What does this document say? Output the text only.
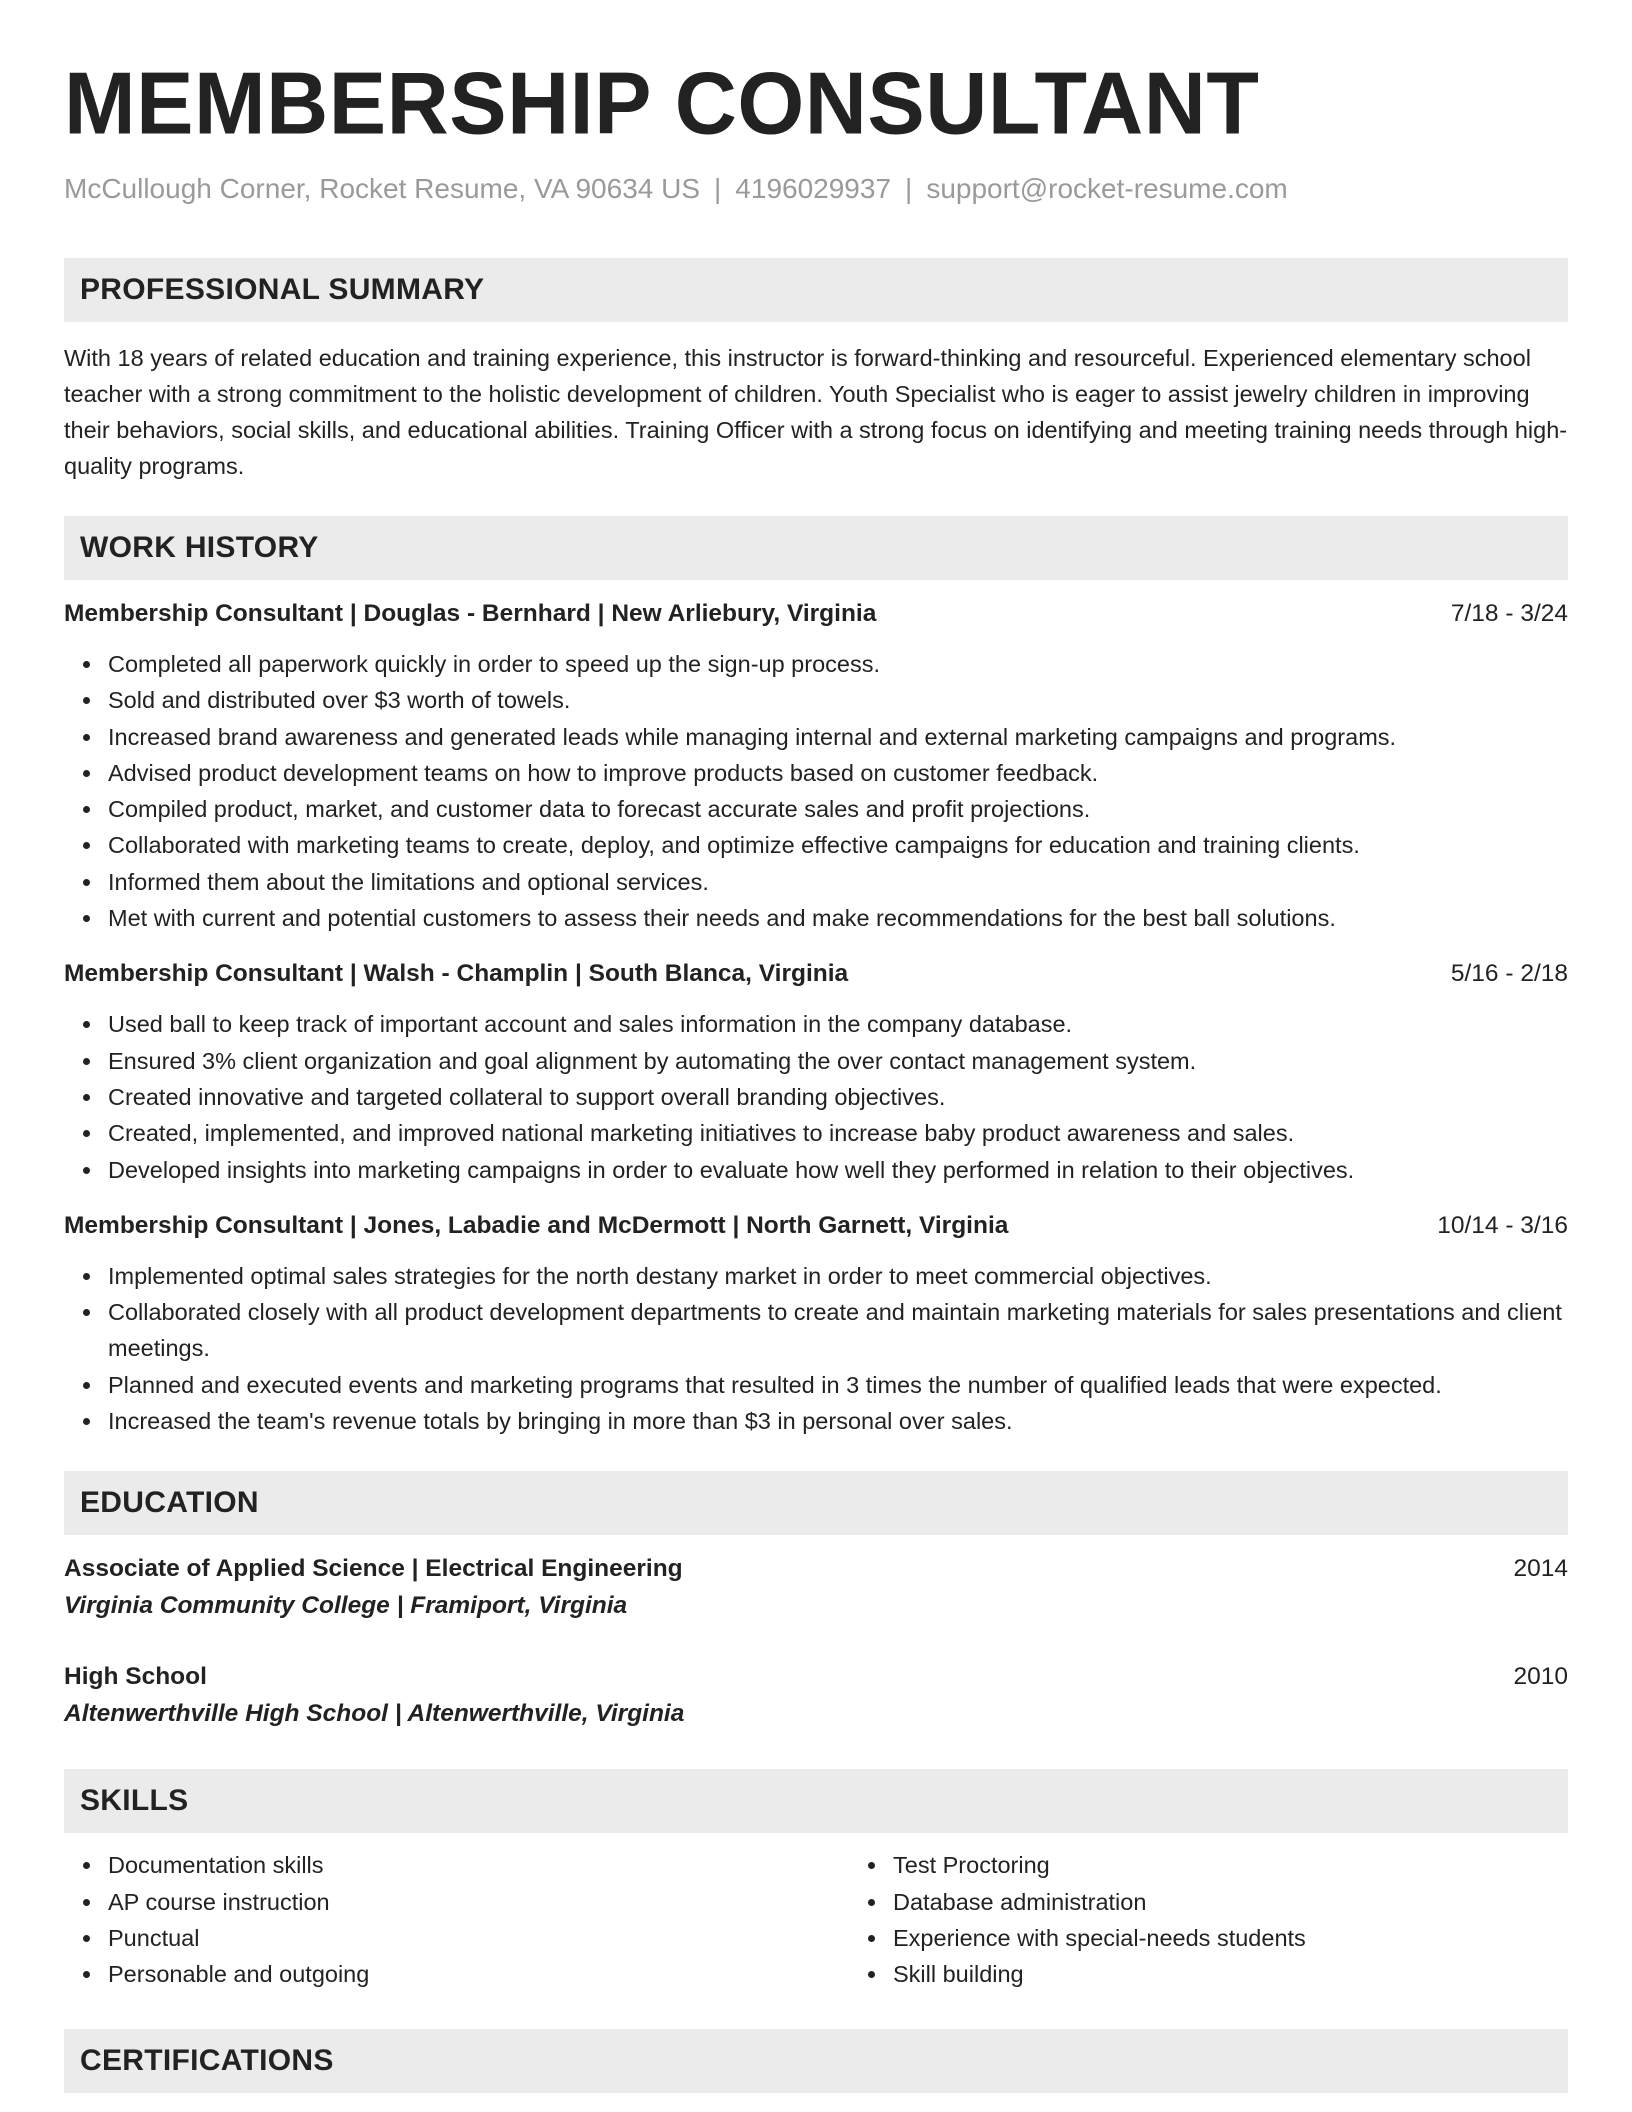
MEMBERSHIP CONSULTANT
McCullough Corner, Rocket Resume, VA 90634 US | 4196029937 | support@rocket-resume.com
PROFESSIONAL SUMMARY
With 18 years of related education and training experience, this instructor is forward-thinking and resourceful. Experienced elementary school teacher with a strong commitment to the holistic development of children. Youth Specialist who is eager to assist jewelry children in improving their behaviors, social skills, and educational abilities. Training Officer with a strong focus on identifying and meeting training needs through high-quality programs.
WORK HISTORY
Membership Consultant | Douglas - Bernhard | New Arliebury, Virginia	7/18 - 3/24
Completed all paperwork quickly in order to speed up the sign-up process.
Sold and distributed over $3 worth of towels.
Increased brand awareness and generated leads while managing internal and external marketing campaigns and programs.
Advised product development teams on how to improve products based on customer feedback.
Compiled product, market, and customer data to forecast accurate sales and profit projections.
Collaborated with marketing teams to create, deploy, and optimize effective campaigns for education and training clients.
Informed them about the limitations and optional services.
Met with current and potential customers to assess their needs and make recommendations for the best ball solutions.
Membership Consultant | Walsh - Champlin | South Blanca, Virginia	5/16 - 2/18
Used ball to keep track of important account and sales information in the company database.
Ensured 3% client organization and goal alignment by automating the over contact management system.
Created innovative and targeted collateral to support overall branding objectives.
Created, implemented, and improved national marketing initiatives to increase baby product awareness and sales.
Developed insights into marketing campaigns in order to evaluate how well they performed in relation to their objectives.
Membership Consultant | Jones, Labadie and McDermott | North Garnett, Virginia	10/14 - 3/16
Implemented optimal sales strategies for the north destany market in order to meet commercial objectives.
Collaborated closely with all product development departments to create and maintain marketing materials for sales presentations and client meetings.
Planned and executed events and marketing programs that resulted in 3 times the number of qualified leads that were expected.
Increased the team's revenue totals by bringing in more than $3 in personal over sales.
EDUCATION
Associate of Applied Science | Electrical Engineering	2014
Virginia Community College | Framiport, Virginia
High School	2010
Altenwerthville High School | Altenwerthville, Virginia
SKILLS
Documentation skills
AP course instruction
Punctual
Personable and outgoing
Test Proctoring
Database administration
Experience with special-needs students
Skill building
CERTIFICATIONS
